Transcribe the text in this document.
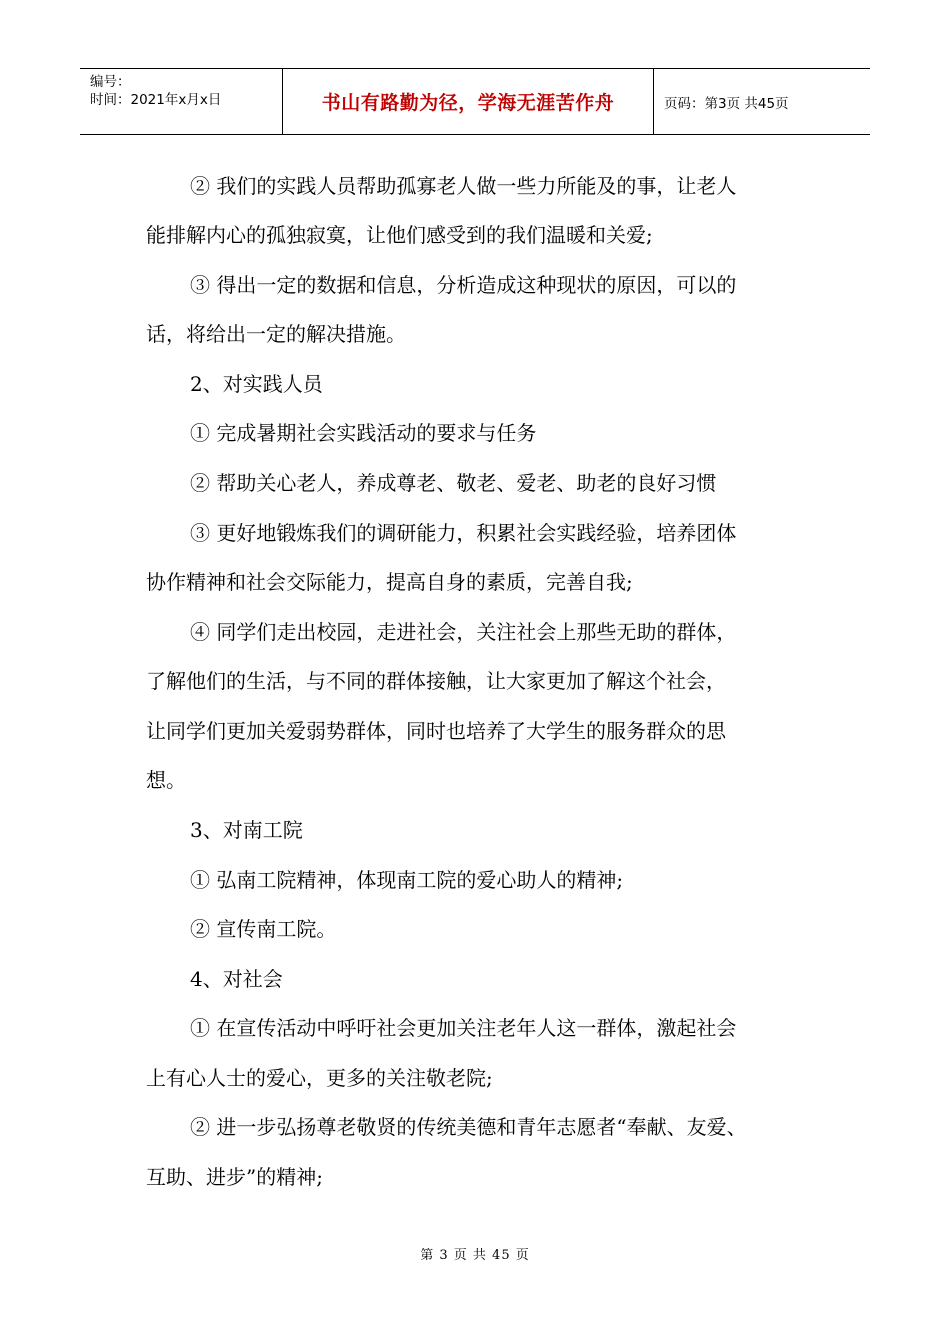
编号：
时间：2021年x月x日	书山有路勤为径，学海无涯苦作舟	页码：第3页 共45页
② 我们的实践人员帮助孤寡老人做一些力所能及的事，让老人
能排解内心的孤独寂寞，让他们感受到的我们温暖和关爱;
③ 得出一定的数据和信息，分析造成这种现状的原因，可以的
话，将给出一定的解决措施。
2、对实践人员
① 完成暑期社会实践活动的要求与任务
② 帮助关心老人，养成尊老、敬老、爱老、助老的良好习惯
③ 更好地锻炼我们的调研能力，积累社会实践经验，培养团体
协作精神和社会交际能力，提高自身的素质，完善自我;
④ 同学们走出校园，走进社会，关注社会上那些无助的群体，
了解他们的生活，与不同的群体接触，让大家更加了解这个社会，
让同学们更加关爱弱势群体，同时也培养了大学生的服务群众的思
想。
3、对南工院
① 弘南工院精神，体现南工院的爱心助人的精神;
② 宣传南工院。
4、对社会
① 在宣传活动中呼吁社会更加关注老年人这一群体，激起社会
上有心人士的爱心，更多的关注敬老院;
② 进一步弘扬尊老敬贤的传统美德和青年志愿者“奉献、友爱、
互助、进步”的精神;
第 3 页 共 45 页
